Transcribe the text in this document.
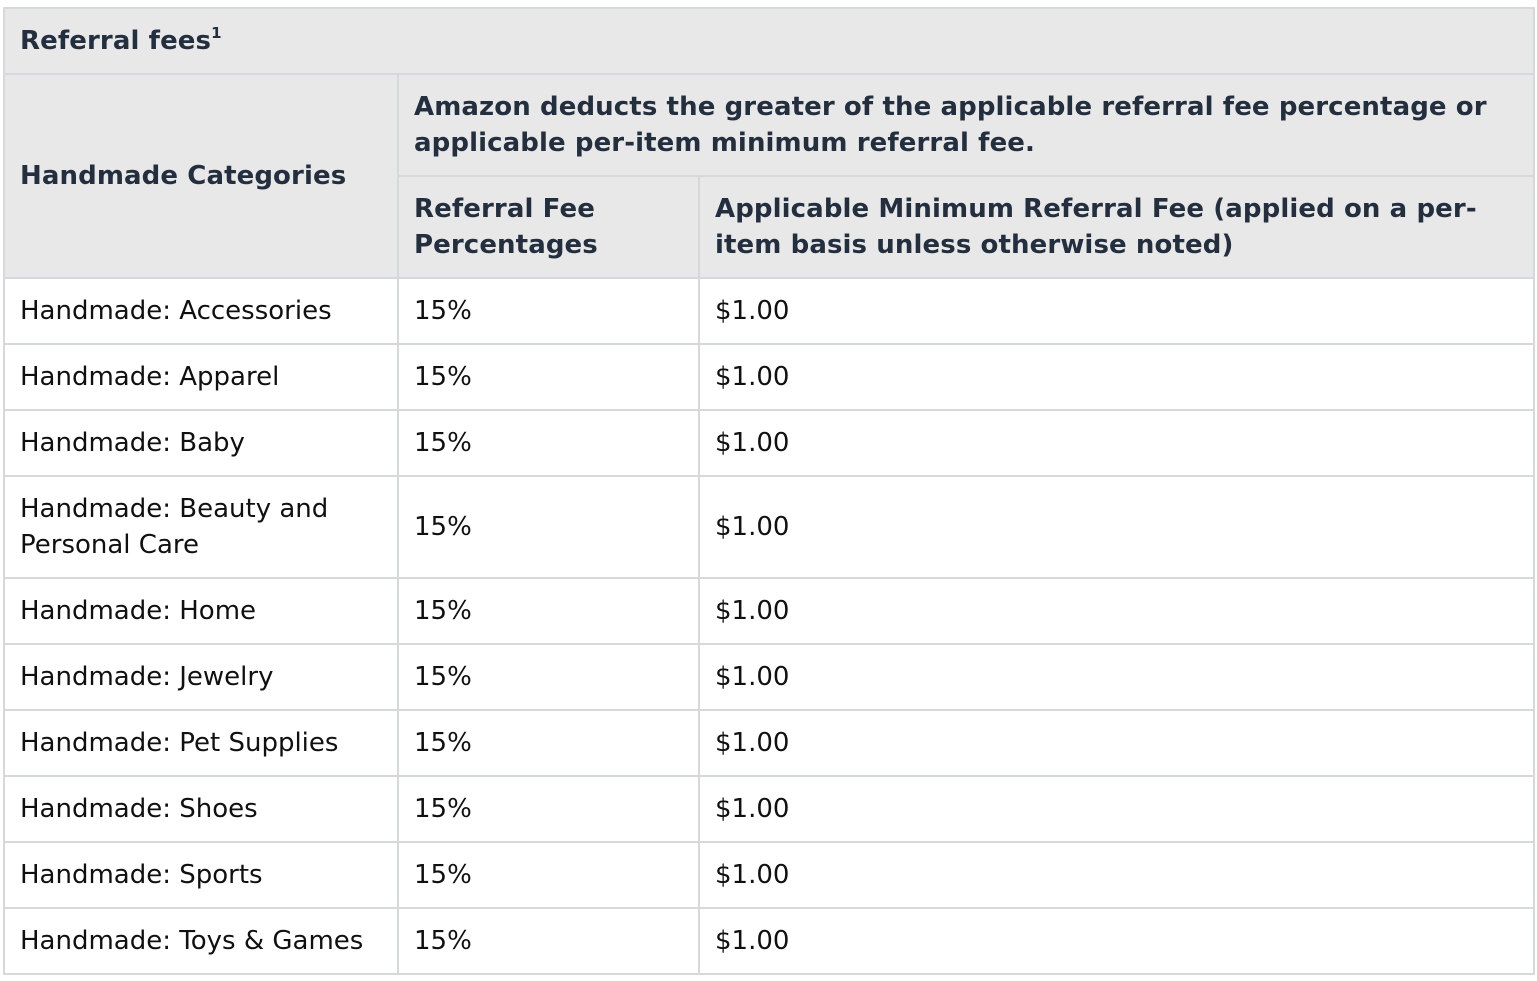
Referral fees$^1$
Handmade Categories	Amazon deducts the greater of the applicable referral fee percentage or applicable per-item minimum referral fee.	
	Referral Fee Percentages	Applicable Minimum Referral Fee (applied on a per-item basis unless otherwise noted)
Handmade: Accessories	15%	$1.00
Handmade: Apparel	15%	$1.00
Handmade: Baby	15%	$1.00
Handmade: Beauty and Personal Care	15%	$1.00
Handmade: Home	15%	$1.00
Handmade: Jewelry	15%	$1.00
Handmade: Pet Supplies	15%	$1.00
Handmade: Shoes	15%	$1.00
Handmade: Sports	15%	$1.00
Handmade: Toys & Games	15%	$1.00
